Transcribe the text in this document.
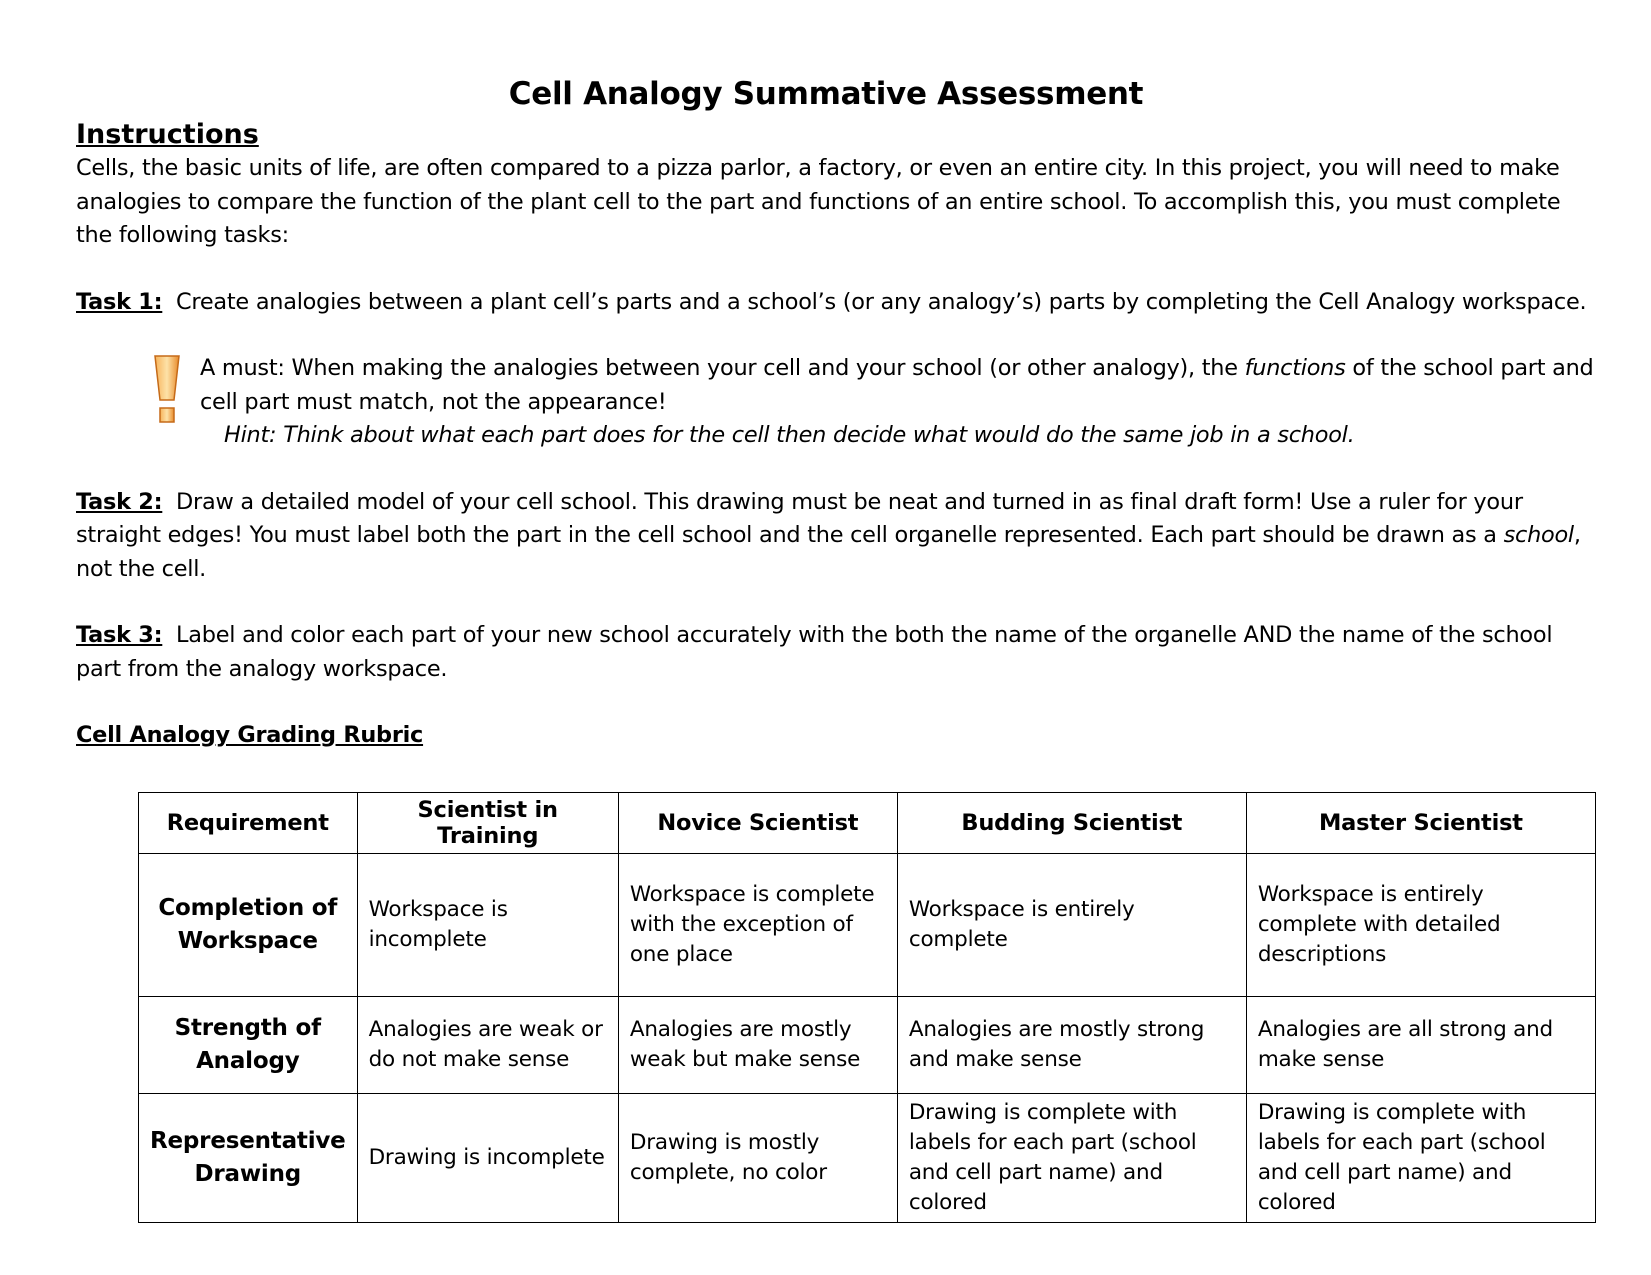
Cell Analogy Summative Assessment
Instructions

Cells, the basic units of life, are often compared to a pizza parlor, a factory, or even an entire city. In this project, you will need to make analogies to compare the function of the plant cell to the part and functions of an entire school. To accomplish this, you must complete the following tasks:

Task 1: Create analogies between a plant cell’s parts and a school’s (or any analogy’s) parts by completing the Cell Analogy workspace.

A must: When making the analogies between your cell and your school (or other analogy), the functions of the school part and cell part must match, not the appearance!

Hint: Think about what each part does for the cell then decide what would do the same job in a school.

Task 2: Draw a detailed model of your cell school. This drawing must be neat and turned in as final draft form! Use a ruler for your straight edges! You must label both the part in the cell school and the cell organelle represented. Each part should be drawn as a school, not the cell.

Task 3: Label and color each part of your new school accurately with the both the name of the organelle AND the name of the school part from the analogy workspace.

Cell Analogy Grading Rubric

Requirement	Scientist in Training	Novice Scientist	Budding Scientist	Master Scientist
Completion of Workspace	Workspace is incomplete	Workspace is complete with the exception of one place	Workspace is entirely complete	Workspace is entirely complete with detailed descriptions
Strength of Analogy	Analogies are weak or do not make sense	Analogies are mostly weak but make sense	Analogies are mostly strong and make sense	Analogies are all strong and make sense
Representative Drawing	Drawing is incomplete	Drawing is mostly complete, no color	Drawing is complete with labels for each part (school and cell part name) and colored	Drawing is complete with labels for each part (school and cell part name) and colored
